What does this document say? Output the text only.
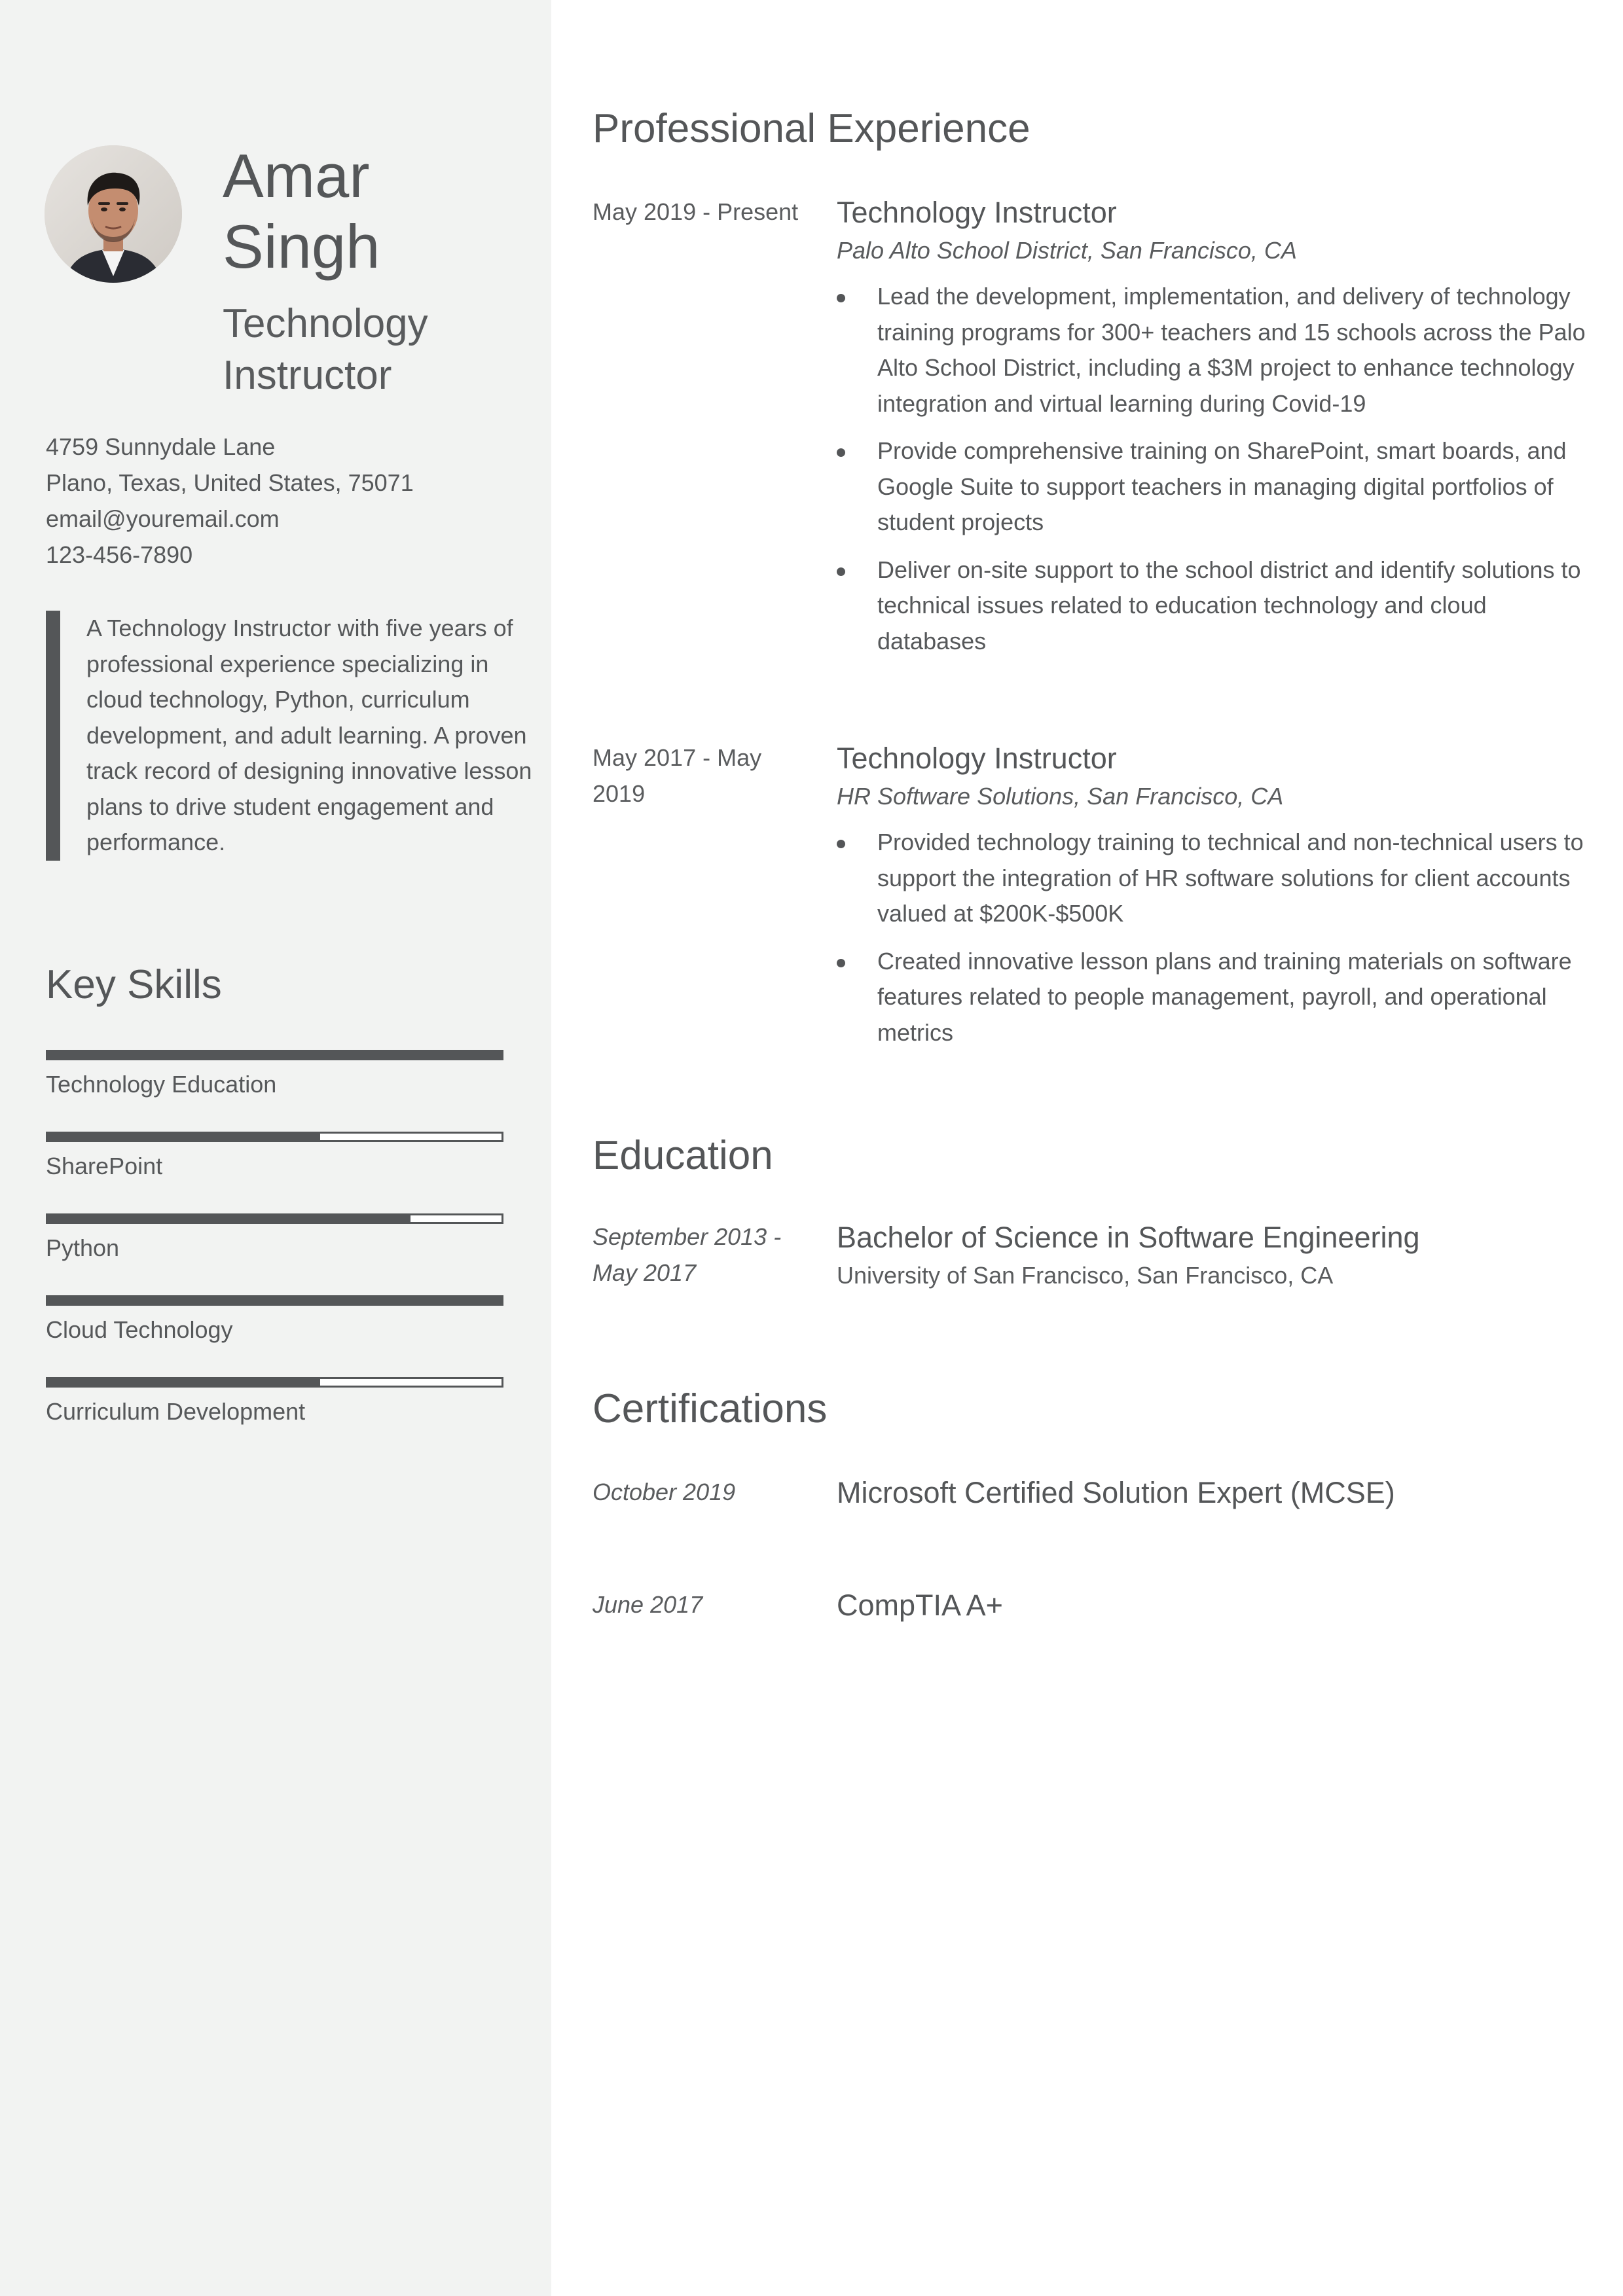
Amar
Singh
Technology
Instructor
4759 Sunnydale Lane
Plano, Texas, United States, 75071
email@youremail.com
123-456-7890
A Technology Instructor with five years of professional experience specializing in cloud technology, Python, curriculum development, and adult learning. A proven track record of designing innovative lesson plans to drive student engagement and performance.
Key Skills
Technology Education
SharePoint
Python
Cloud Technology
Curriculum Development
Professional Experience
May 2019 - Present	Technology Instructor
Palo Alto School District, San Francisco, CA
Lead the development, implementation, and delivery of technology training programs for 300+ teachers and 15 schools across the Palo Alto School District, including a $3M project to enhance technology integration and virtual learning during Covid-19
Provide comprehensive training on SharePoint, smart boards, and Google Suite to support teachers in managing digital portfolios of student projects
Deliver on-site support to the school district and identify solutions to technical issues related to education technology and cloud databases
May 2017 - May 2019
Technology Instructor
HR Software Solutions, San Francisco, CA
Provided technology training to technical and non-technical users to support the integration of HR software solutions for client accounts valued at $200K-$500K
Created innovative lesson plans and training materials on software features related to people management, payroll, and operational metrics
Education
September 2013 - May 2017
Bachelor of Science in Software Engineering
University of San Francisco, San Francisco, CA
Certifications
October 2019	Microsoft Certified Solution Expert (MCSE)
June 2017	CompTIA A+
